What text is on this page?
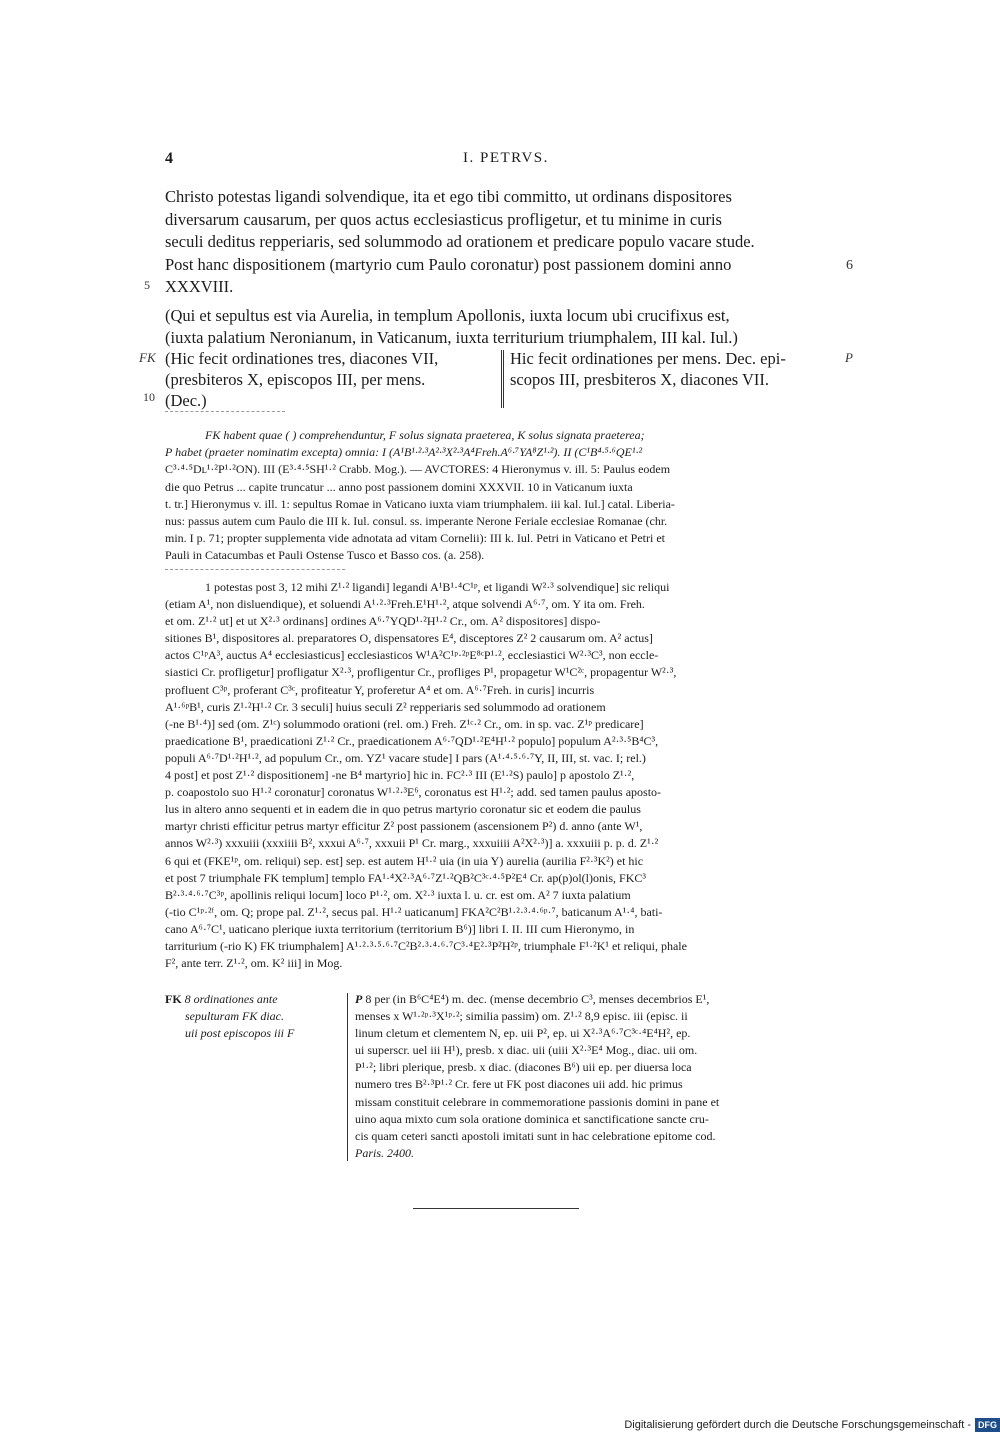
4	I. PETRVS.
Christo potestas ligandi solvendique, ita et ego tibi committo, ut ordinans dispositores
diversarum causarum, per quos actus ecclesiasticus profligetur, et tu minime in curis
seculi deditus repperiaris, sed solummodo ad orationem et predicare populo vacare stude.
Post hanc dispositionem (martyrio cum Paulo coronatur) post passionem domini anno
XXXVIII.
(Qui et sepultus est via Aurelia, in templum Apollonis, iuxta locum ubi crucifixus est,
(iuxta palatium Neronianum, in Vaticanum, iuxta territurium triumphalem, III kal. Iul.)
5
6
10
FK	P
(Hic fecit ordinationes tres, diacones VII,
(presbiteros X, episcopos III, per mens.
(Dec.)
Hic fecit ordinationes per mens. Dec. epi-
scopos III, presbiteros X, diacones VII.
FK habent quae ( ) comprehenduntur, F solus signata praeterea, K solus signata praeterea;
P habet (praeter nominatim excepta) omnia: I (A¹B¹·²·³A²·³X²·³A⁴Freh.A⁶·⁷YA⁸Z¹·²). II (C¹B⁴·⁵·⁶QE¹·²
C³·⁴·⁵Dʟ¹·²P¹·²ON). III (E³·⁴·⁵SH¹·² Crabb. Mog.). — AVCTORES: 4 Hieronymus v. ill. 5: Paulus eodem
die quo Petrus ... capite truncatur ... anno post passionem domini XXXVII. 10 in Vaticanum iuxta
t. tr.] Hieronymus v. ill. 1: sepultus Romae in Vaticano iuxta viam triumphalem. iii kal. Iul.] catal. Liberia-
nus: passus autem cum Paulo die III k. Iul. consul. ss. imperante Nerone Feriale ecclesiae Romanae (chr.
min. I p. 71; propter supplementa vide adnotata ad vitam Cornelii): III k. Iul. Petri in Vaticano et Petri et
Pauli in Catacumbas et Pauli Ostense Tusco et Basso cos. (a. 258).
1 potestas post 3, 12 mihi Z¹·² ligandi] legandi A¹B¹·⁴C¹ᵖ, et ligandi W²·³ solvendique] sic reliqui
(etiam A¹, non disluendique), et soluendi A¹·²·³Freh.E¹H¹·², atque solvendi A⁶·⁷, om. Y ita om. Freh.
et om. Z¹·² ut] et ut X²·³ ordinans] ordines A⁶·⁷YQD¹·²H¹·² Cr., om. A² dispositores] dispo-
sitiones B¹, dispositores al. preparatores O, dispensatores E⁴, disceptores Z² 2 causarum om. A² actus]
actos C¹ᵖA³, auctus A⁴ ecclesiasticus] ecclesiasticos W¹A²C¹ᵖ·²ᵖE⁸ᶜP¹·², ecclesiastici W²·³C³, non eccle-
siastici Cr. profligetur] profligatur X²·³, profligentur Cr., profliges P¹, propagetur W¹C²ᶜ, propagentur W²·³,
profluent C³ᵖ, proferant C³ᶜ, profiteatur Y, proferetur A⁴ et om. A⁶·⁷Freh. in curis] incurris
A¹·⁶ᵖB¹, curis Z¹·²H¹·² Cr. 3 seculi] huius seculi Z² repperiaris sed solummodo ad orationem
(-ne B¹·⁴)] sed (om. Z¹ᶜ) solummodo orationi (rel. om.) Freh. Z¹ᶜ·² Cr., om. in sp. vac. Z¹ᵖ predicare]
praedicatione B¹, praedicationi Z¹·² Cr., praedicationem A⁶·⁷QD¹·²E⁴H¹·² populo] populum A²·³·⁵B⁴C³,
populi A⁶·⁷D¹·²H¹·², ad populum Cr., om. YZ¹ vacare stude] I pars (A¹·⁴·⁵·⁶·⁷Y, II, III, st. vac. I; rel.)
4 post] et post Z¹·² dispositionem] -ne B⁴ martyrio] hic in. FC²·³ III (E¹·²S) paulo] p apostolo Z¹·²,
p. coapostolo suo H¹·² coronatur] coronatus W¹·²·³E⁶, coronatus est H¹·²; add. sed tamen paulus aposto-
lus in altero anno sequenti et in eadem die in quo petrus martyrio coronatur sic et eodem die paulus
martyr christi efficitur petrus martyr efficitur Z² post passionem (ascensionem P²) d. anno (ante W¹,
annos W²·³) xxxuiii (xxxiiii B², xxxui A⁶·⁷, xxxuii P¹ Cr. marg., xxxuiiii A²X²·³)] a. xxxuiii p. p. d. Z¹·²
6 qui et (FKE¹ᵖ, om. reliqui) sep. est] sep. est autem H¹·² uia (in uia Y) aurelia (aurilia F²·³K²) et hic
et post 7 triumphale FK templum] templo FA¹·⁴X²·³A⁶·⁷Z¹·²QB²C³ᶜ·⁴·⁵P²E⁴ Cr. ap(p)ol(l)onis, FKC³
B²·³·⁴·⁶·⁷C³ᵖ, apollinis reliqui locum] loco P¹·², om. X²·³ iuxta l. u. cr. est om. A² 7 iuxta palatium
(-tio C¹ᵖ·²ᶠ, om. Q; prope pal. Z¹·², secus pal. H¹·² uaticanum] FKA²C²B¹·²·³·⁴·⁶ᵖ·⁷, baticanum A¹·⁴, bati-
cano A⁶·⁷C¹, uaticano plerique iuxta territorium (territorium B⁶)] libri I. II. III cum Hieronymo, in
tarriturium (-rio K) FK triumphalem] A¹·²·³·⁵·⁶·⁷C²B²·³·⁴·⁶·⁷C³·⁴E²·³P²H²ᵖ, triumphale F¹·²K¹ et reliqui, phale
F², ante terr. Z¹·², om. K² iii] in Mog.
FK 8 ordinationes ante
sepulturam FK diac.
uii post episcopos iii F
P 8 per (in B⁶C⁴E⁴) m. dec. (mense decembrio C³, menses decembrios E¹,
menses x W¹·²ᵖ·³X¹ᵖ·²; similia passim) om. Z¹·² 8,9 episc. iii (episc. ii
linum cletum et clementem N, ep. uii P², ep. ui X²·³A⁶·⁷C³ᶜ·⁴E⁴H², ep.
ui superscr. uel iii H¹), presb. x diac. uii (uiii X²·³E⁴ Mog., diac. uii om.
P¹·²; libri plerique, presb. x diac. (diacones B⁶) uii ep. per diuersa loca
numero tres B²·³P¹·² Cr. fere ut FK post diacones uii add. hic primus
missam constituit celebrare in commemoratione passionis domini in pane et
uino aqua mixto cum sola oratione dominica et sanctificatione sancte cru-
cis quam ceteri sancti apostoli imitati sunt in hac celebratione epitome cod.
Paris. 2400.
Digitalisierung gefördert durch die Deutsche Forschungsgemeinschaft - DFG
